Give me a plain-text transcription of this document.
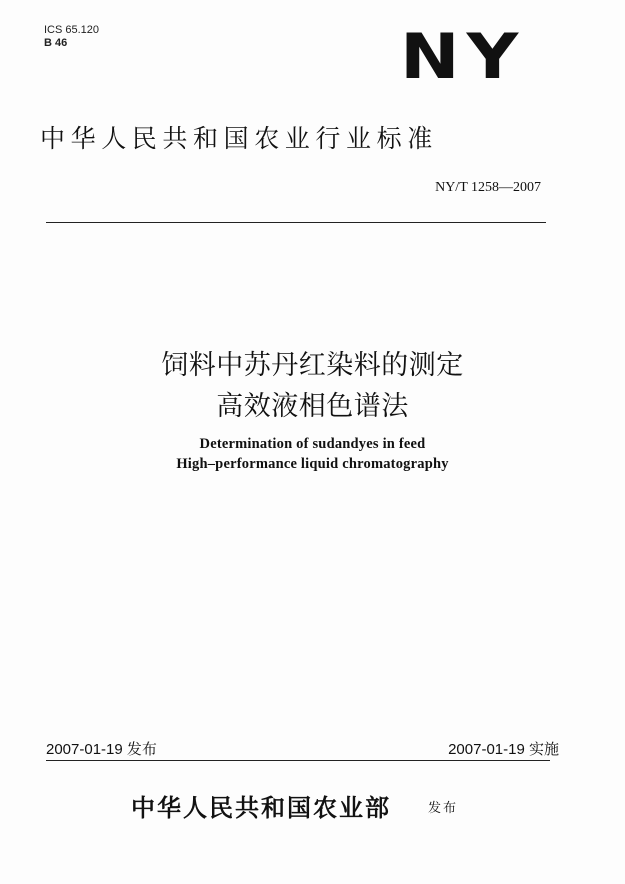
ICS 65.120
B 46	NY
中华人民共和国农业行业标准
NY/T 1258—2007
饲料中苏丹红染料的测定
高效液相色谱法
Determination of sudandyes in feed
High–performance liquid chromatography
2007-01-19 发布	2007-01-19 实施
中华人民共和国农业部	发布
